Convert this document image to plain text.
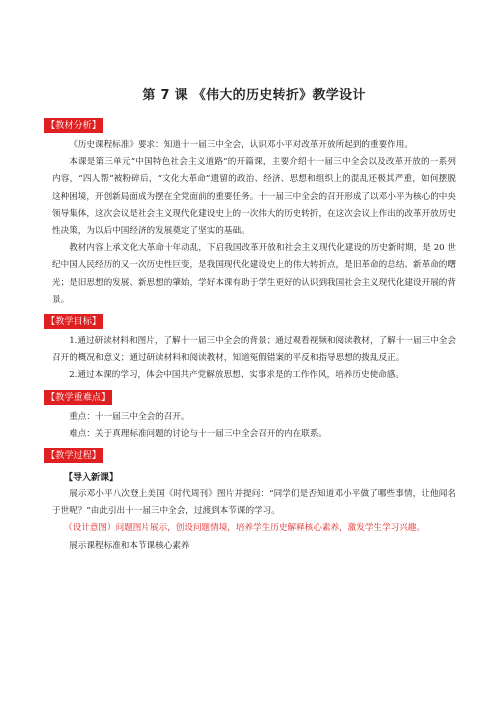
第 7 课 《伟大的历史转折》教学设计
【教材分析】

《历史课程标准》要求：知道十一届三中全会，认识邓小平对改革开放所起到的重要作用。

本课是第三单元“中国特色社会主义道路”的开篇课，主要介绍十一届三中全会以及改革开放的一系列内容，“四人帮”被粉碎后，“文化大革命”遗留的政治、经济、思想和组织上的混乱还极其严重，如何摆脱这种困境，开创新局面成为摆在全党面前的重要任务。十一届三中全会的召开形成了以邓小平为核心的中央领导集体，这次会议是社会主义现代化建设史上的一次伟大的历史转折，在这次会议上作出的改革开放历史性决策，为以后中国经济的发展奠定了坚实的基础。

教材内容上承文化大革命十年动乱，下启我国改革开放和社会主义现代化建设的历史新时期，是 20 世纪中国人民经历的又一次历史性巨变，是我国现代化建设史上的伟大转折点，是旧革命的总结、新革命的曙光；是旧思想的发展、新思想的肇始，学好本课有助于学生更好的认识到我国社会主义现代化建设开展的背景。

【教学目标】

1.通过研读材料和图片，了解十一届三中全会的背景；通过观看视频和阅读教材，了解十一届三中全会召开的概况和意义；通过研读材料和阅读教材，知道冤假错案的平反和指导思想的拨乱反正。

2.通过本课的学习，体会中国共产党解放思想、实事求是的工作作风，培养历史使命感。

【教学重难点】

重点：十一届三中全会的召开。

难点：关于真理标准问题的讨论与十一届三中全会召开的内在联系。

【教学过程】
【导入新课】

展示邓小平八次登上美国《时代周刊》图片并提问：“同学们是否知道邓小平做了哪些事情，让他闻名于世呢？”由此引出十一届三中全会，过渡到本节课的学习。

（设计意图）问题图片展示，创设问题情境，培养学生历史解释核心素养，激发学生学习兴趣。

展示课程标准和本节课核心素养
